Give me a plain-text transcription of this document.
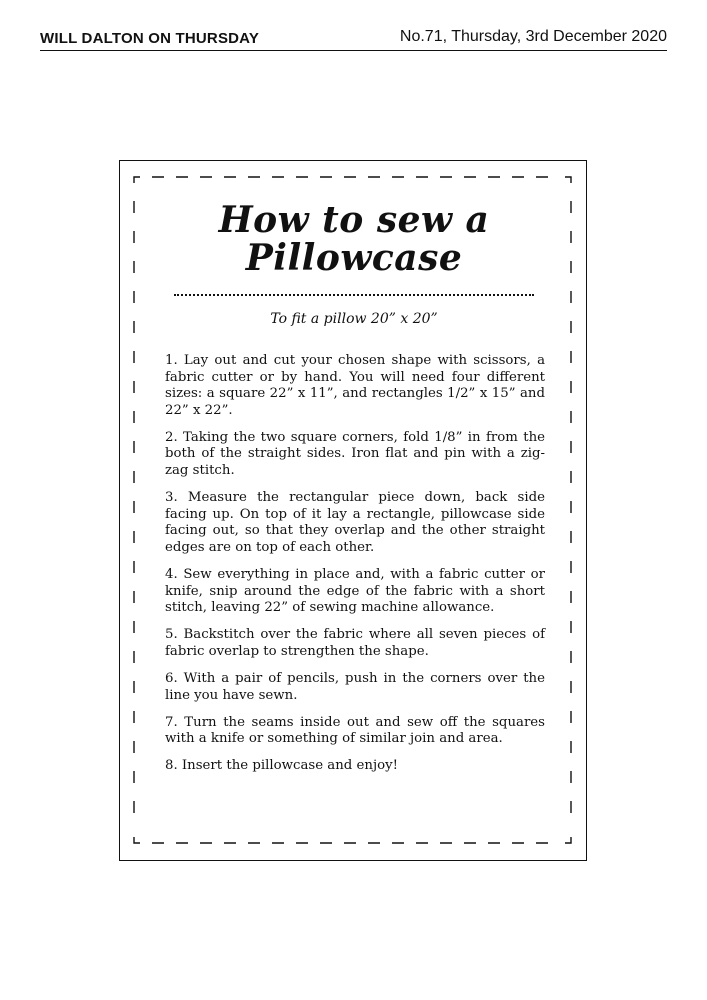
WILL DALTON ON THURSDAY	No.71, Thursday, 3rd December 2020
How to sew a
Pillowcase
To fit a pillow 20” x 20”
1. Lay out and cut your chosen shape with scissors, a fabric cutter or by hand. You will need four different sizes: a square 22” x 11”, and rectangles 1/2” x 15” and 22” x 22”.
2. Taking the two square corners, fold 1/8” in from the both of the straight sides. Iron flat and pin with a zig-zag stitch.
3. Measure the rectangular piece down, back side facing up. On top of it lay a rectangle, pillowcase side facing out, so that they overlap and the other straight edges are on top of each other.
4. Sew everything in place and, with a fabric cutter or knife, snip around the edge of the fabric with a short stitch, leaving 22” of sewing machine allowance.
5. Backstitch over the fabric where all seven pieces of fabric overlap to strengthen the shape.
6. With a pair of pencils, push in the corners over the line you have sewn.
7. Turn the seams inside out and sew off the squares with a knife or something of similar join and area.
8. Insert the pillowcase and enjoy!
